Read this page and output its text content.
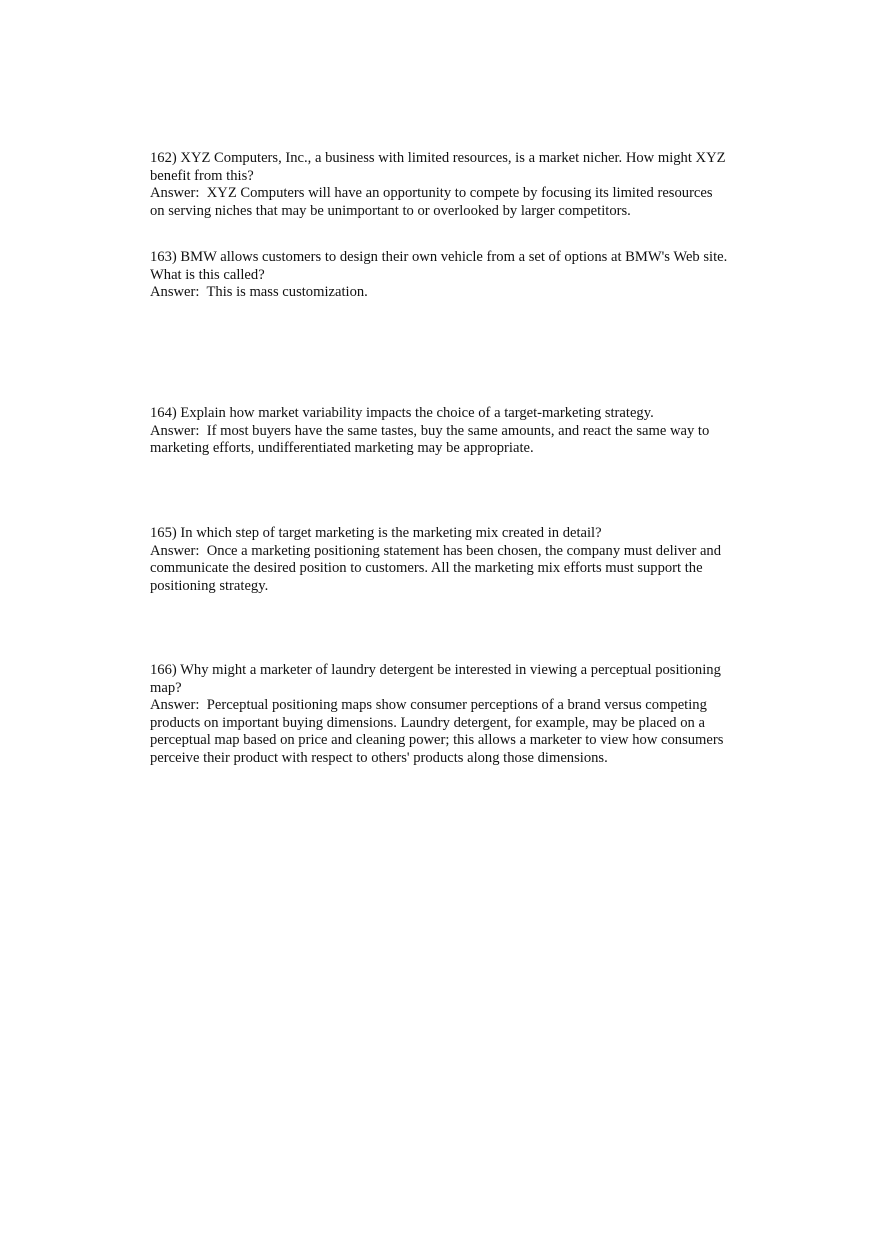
162) XYZ Computers, Inc., a business with limited resources, is a market nicher. How might XYZ benefit from this?

Answer:  XYZ Computers will have an opportunity to compete by focusing its limited resources on serving niches that may be unimportant to or overlooked by larger competitors.

163) BMW allows customers to design their own vehicle from a set of options at BMW's Web site. What is this called?

Answer:  This is mass customization.

164) Explain how market variability impacts the choice of a target-marketing strategy.

Answer:  If most buyers have the same tastes, buy the same amounts, and react the same way to marketing efforts, undifferentiated marketing may be appropriate.

165) In which step of target marketing is the marketing mix created in detail?

Answer:  Once a marketing positioning statement has been chosen, the company must deliver and communicate the desired position to customers. All the marketing mix efforts must support the positioning strategy.

166) Why might a marketer of laundry detergent be interested in viewing a perceptual positioning map?

Answer:  Perceptual positioning maps show consumer perceptions of a brand versus competing products on important buying dimensions. Laundry detergent, for example, may be placed on a perceptual map based on price and cleaning power; this allows a marketer to view how consumers perceive their product with respect to others' products along those dimensions.
